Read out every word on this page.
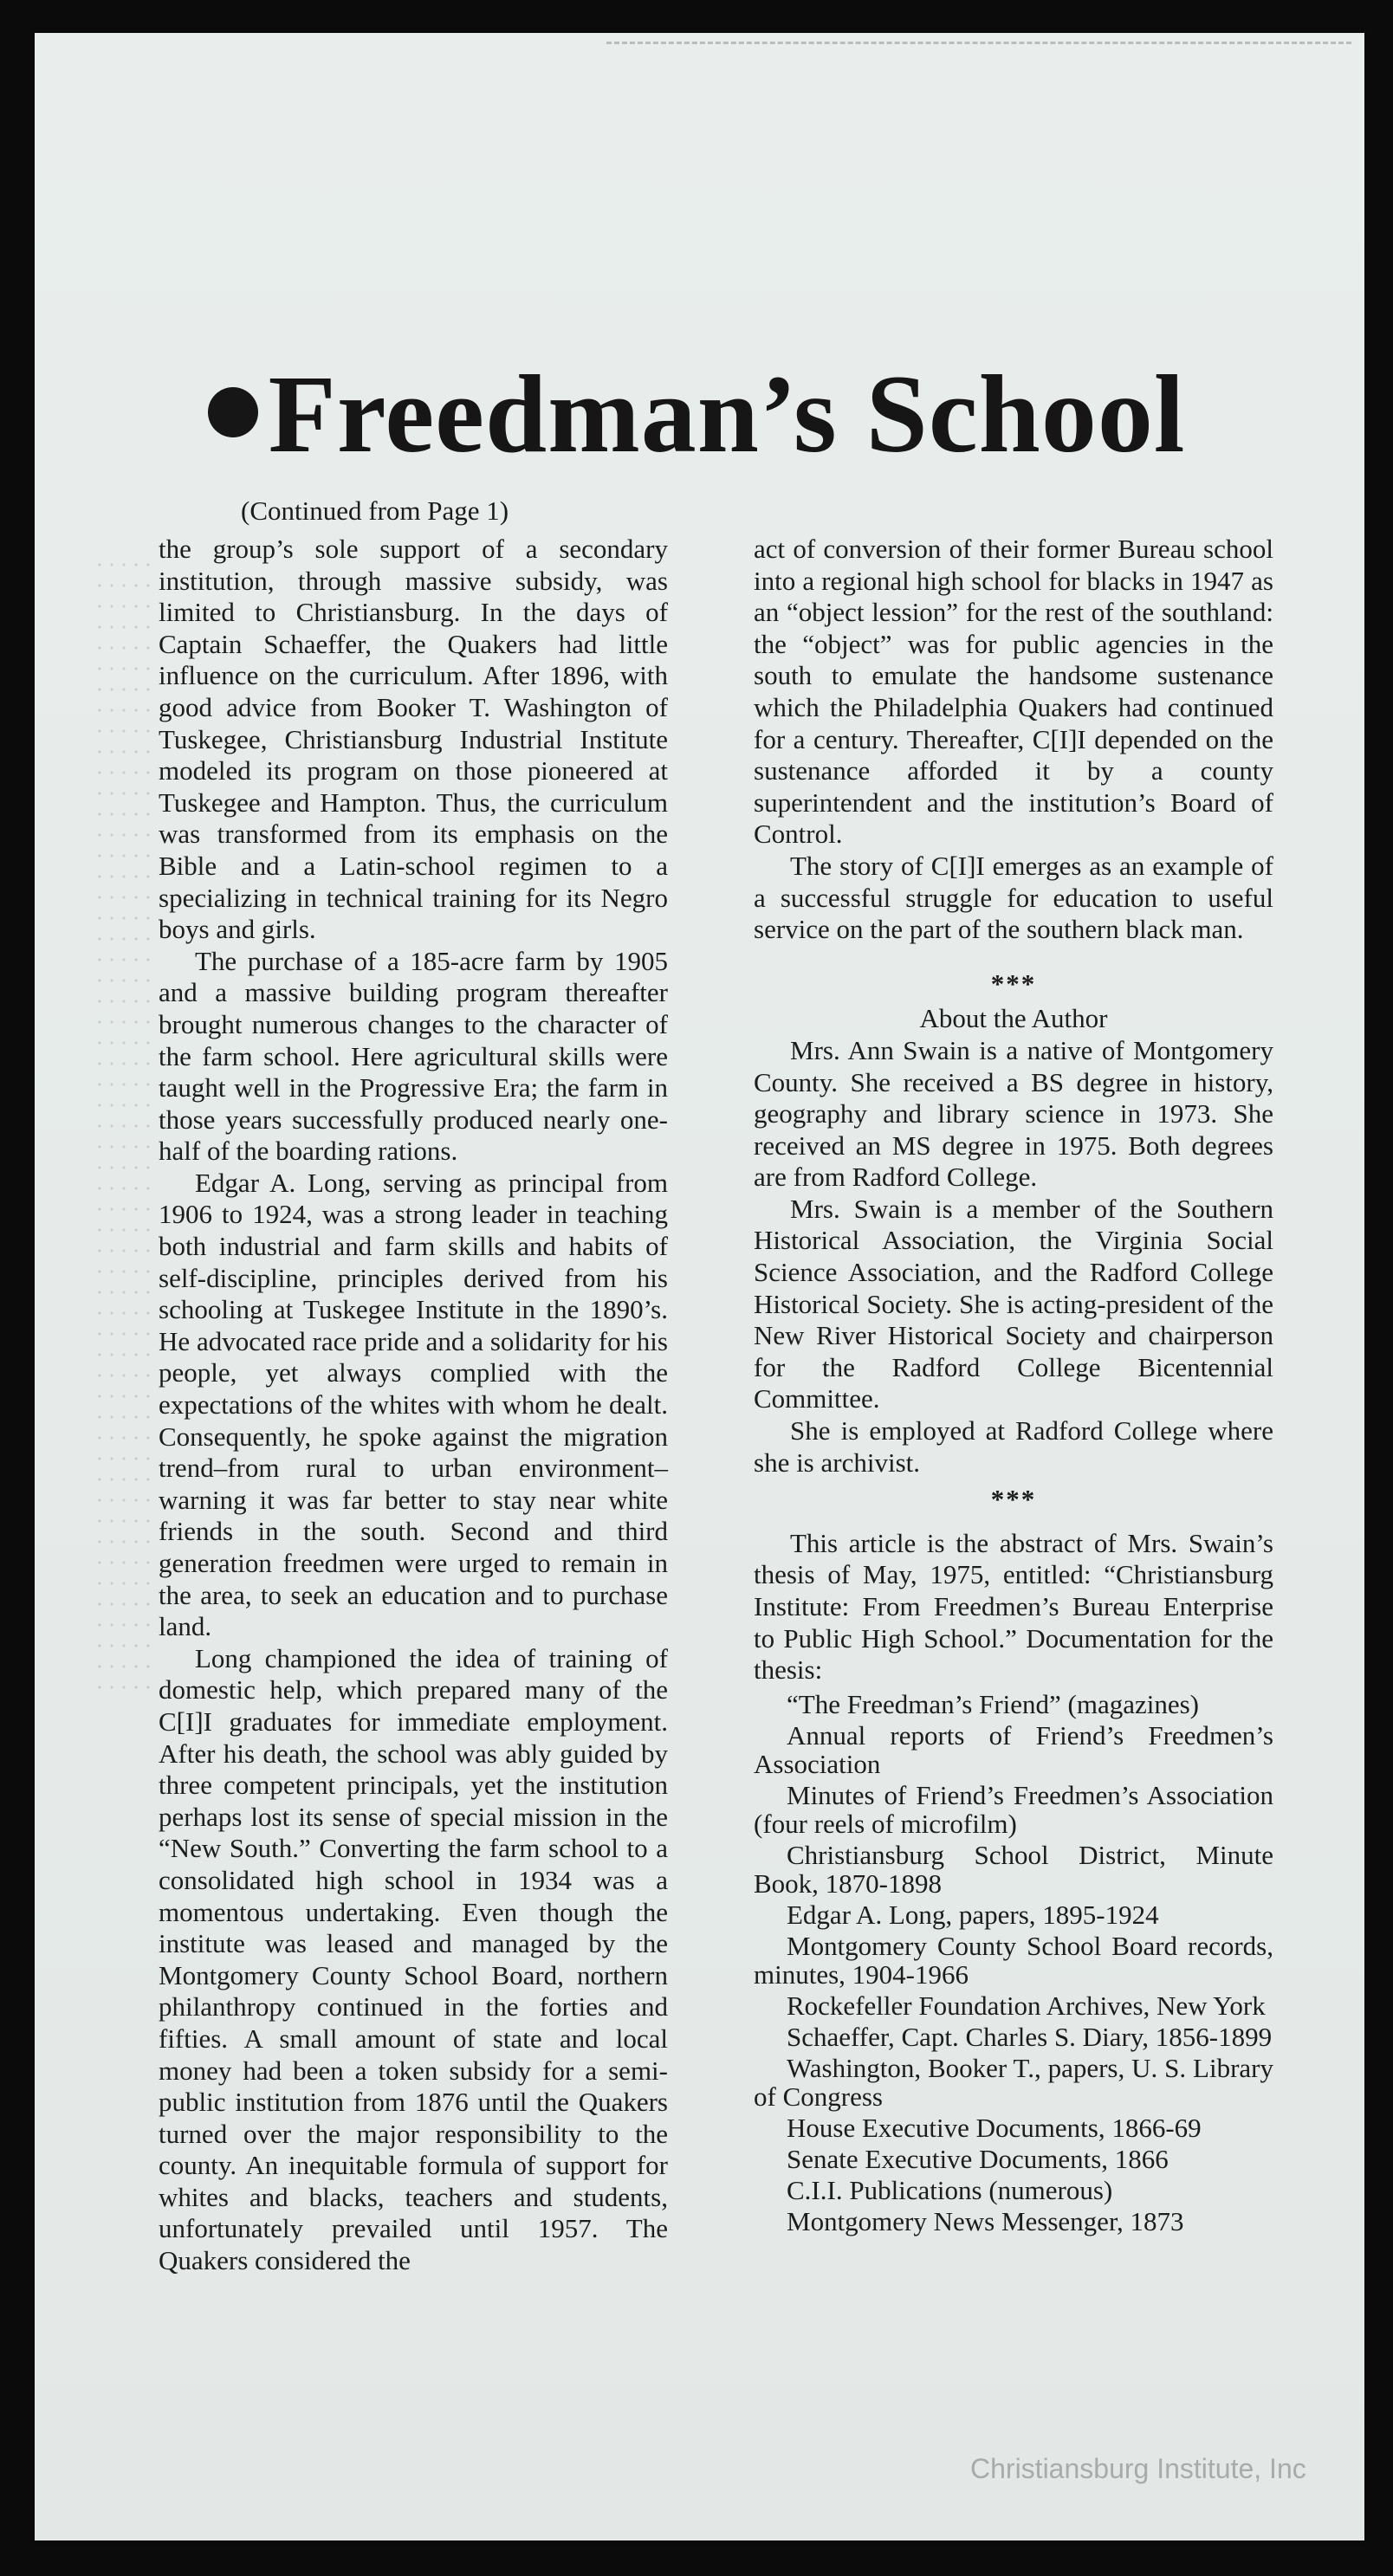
Freedman’s School
(Continued from Page 1)

the group’s sole support of a secondary institution, through massive subsidy, was limited to Christiansburg. In the days of Captain Schaeffer, the Quakers had little influence on the curriculum. After 1896, with good advice from Booker T. Washington of Tuskegee, Christiansburg Industrial Institute modeled its program on those pioneered at Tuskegee and Hampton. Thus, the curriculum was transformed from its emphasis on the Bible and a Latin-school regimen to a specializing in technical training for its Negro boys and girls.

The purchase of a 185-acre farm by 1905 and a massive building program thereafter brought numerous changes to the character of the farm school. Here agricultural skills were taught well in the Progressive Era; the farm in those years successfully produced nearly one-half of the boarding rations.

Edgar A. Long, serving as principal from 1906 to 1924, was a strong leader in teaching both industrial and farm skills and habits of self-discipline, principles derived from his schooling at Tuskegee Institute in the 1890’s. He advocated race pride and a solidarity for his people, yet always complied with the expectations of the whites with whom he dealt. Consequently, he spoke against the migration trend–from rural to urban environment–warning it was far better to stay near white friends in the south. Second and third generation freedmen were urged to remain in the area, to seek an education and to purchase land.

Long championed the idea of training of domestic help, which prepared many of the C[I]I graduates for immediate employment. After his death, the school was ably guided by three competent principals, yet the institution perhaps lost its sense of special mission in the “New South.” Converting the farm school to a consolidated high school in 1934 was a momentous undertaking. Even though the institute was leased and managed by the Montgomery County School Board, northern philanthropy continued in the forties and fifties. A small amount of state and local money had been a token subsidy for a semi-public institution from 1876 until the Quakers turned over the major responsibility to the county. An inequitable formula of support for whites and blacks, teachers and students, unfortunately prevailed until 1957. The Quakers considered the

act of conversion of their former Bureau school into a regional high school for blacks in 1947 as an “object lession” for the rest of the southland: the “object” was for public agencies in the south to emulate the handsome sustenance which the Philadelphia Quakers had continued for a century. Thereafter, C[I]I depended on the sustenance afforded it by a county superintendent and the institution’s Board of Control.

The story of C[I]I emerges as an example of a successful struggle for education to useful service on the part of the southern black man.

***
About the Author

Mrs. Ann Swain is a native of Montgomery County. She received a BS degree in history, geography and library science in 1973. She received an MS degree in 1975. Both degrees are from Radford College.

Mrs. Swain is a member of the Southern Historical Association, the Virginia Social Science Association, and the Radford College Historical Society. She is acting-president of the New River Historical Society and chairperson for the Radford College Bicentennial Committee.

She is employed at Radford College where she is archivist.

***

This article is the abstract of Mrs. Swain’s thesis of May, 1975, entitled: “Christiansburg Institute: From Freedmen’s Bureau Enterprise to Public High School.” Documentation for the thesis:

“The Freedman’s Friend” (magazines)
Annual reports of Friend’s Freedmen’s Association
Minutes of Friend’s Freedmen’s Association (four reels of microfilm)
Christiansburg School District, Minute Book, 1870-1898
Edgar A. Long, papers, 1895-1924
Montgomery County School Board records, minutes, 1904-1966
Rockefeller Foundation Archives, New York
Schaeffer, Capt. Charles S. Diary, 1856-1899
Washington, Booker T., papers, U. S. Library of Congress
House Executive Documents, 1866-69
Senate Executive Documents, 1866
C.I.I. Publications (numerous)
Montgomery News Messenger, 1873
Christiansburg Institute, Inc
